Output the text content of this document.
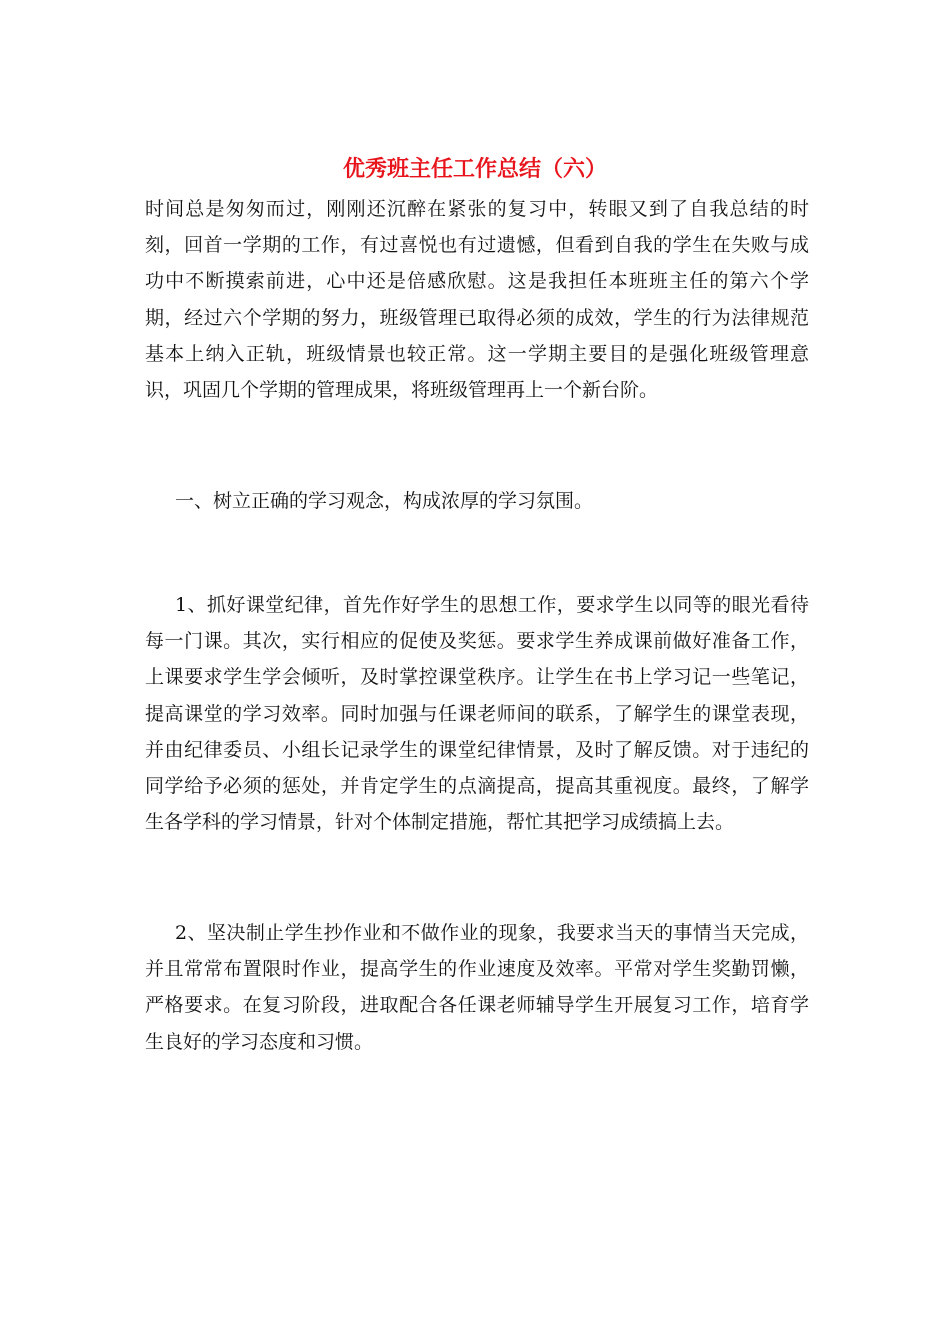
优秀班主任工作总结（六）

时间总是匆匆而过，刚刚还沉醉在紧张的复习中，转眼又到了自我总结的时刻，回首一学期的工作，有过喜悦也有过遗憾，但看到自我的学生在失败与成功中不断摸索前进，心中还是倍感欣慰。这是我担任本班班主任的第六个学期，经过六个学期的努力，班级管理已取得必须的成效，学生的行为法律规范基本上纳入正轨，班级情景也较正常。这一学期主要目的是强化班级管理意识，巩固几个学期的管理成果，将班级管理再上一个新台阶。

一、树立正确的学习观念，构成浓厚的学习氛围。

1、抓好课堂纪律，首先作好学生的思想工作，要求学生以同等的眼光看待每一门课。其次，实行相应的促使及奖惩。要求学生养成课前做好准备工作，上课要求学生学会倾听，及时掌控课堂秩序。让学生在书上学习记一些笔记，提高课堂的学习效率。同时加强与任课老师间的联系，了解学生的课堂表现，并由纪律委员、小组长记录学生的课堂纪律情景，及时了解反馈。对于违纪的同学给予必须的惩处，并肯定学生的点滴提高，提高其重视度。最终，了解学生各学科的学习情景，针对个体制定措施，帮忙其把学习成绩搞上去。

2、坚决制止学生抄作业和不做作业的现象，我要求当天的事情当天完成，并且常常布置限时作业，提高学生的作业速度及效率。平常对学生奖勤罚懒，严格要求。在复习阶段，进取配合各任课老师辅导学生开展复习工作，培育学生良好的学习态度和习惯。
